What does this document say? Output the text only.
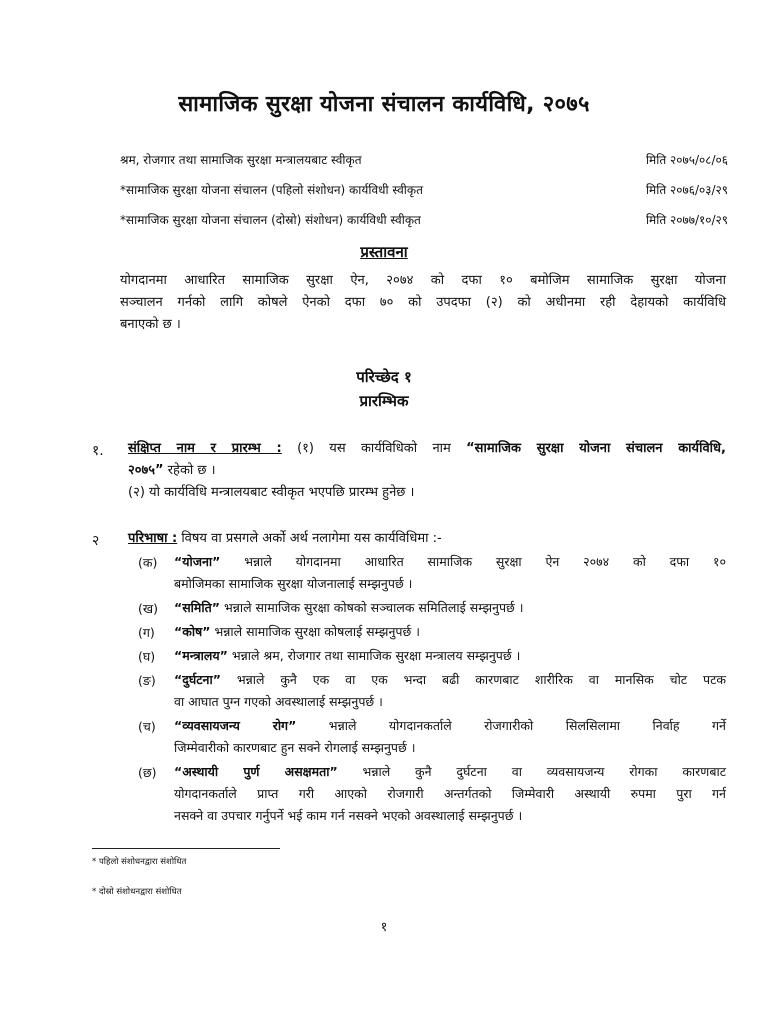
सामाजिक सुरक्षा योजना संचालन कार्यविधि, २०७५
श्रम, रोजगार तथा सामाजिक सुरक्षा मन्त्रालयबाट स्वीकृत	मिति २०७५/०८/०६
*सामाजिक सुरक्षा योजना संचालन (पहिलो संशोधन) कार्यविधी स्वीकृत	मिति २०७६/०३/२९
*सामाजिक सुरक्षा योजना संचालन (दोस्रो) संशोधन) कार्यविधी स्वीकृत	मिति २०७७/१०/२९
प्रस्तावना
योगदानमा आधारित सामाजिक सुरक्षा ऐन, २०७४ को दफा १० बमोजिम सामाजिक सुरक्षा योजना
सञ्चालन गर्नको लागि कोषले ऐनको दफा ७० को उपदफा (२) को अधीनमा रही देहायको कार्यविधि
बनाएको छ ।
परिच्छेद १
प्रारम्भिक
१. संक्षिप्त नाम र प्रारम्भ : (१) यस कार्यविधिको नाम “सामाजिक सुरक्षा योजना संचालन कार्यविधि,
२०७५” रहेको छ ।
(२) यो कार्यविधि मन्त्रालयबाट स्वीकृत भएपछि प्रारम्भ हुनेछ ।
२ परिभाषा : विषय वा प्रसगले अर्को अर्थ नलागेमा यस कार्यविधिमा :-
(क) “योजना” भन्नाले योगदानमा आधारित सामाजिक सुरक्षा ऐन २०७४ को दफा १०
बमोजिमका सामाजिक सुरक्षा योजनालाई सम्झनुपर्छ ।
(ख) “समिति” भन्नाले सामाजिक सुरक्षा कोषको सञ्चालक समितिलाई सम्झनुपर्छ ।
(ग) “कोष” भन्नाले सामाजिक सुरक्षा कोषलाई सम्झनुपर्छ ।
(घ) “मन्त्रालय” भन्नाले श्रम, रोजगार तथा सामाजिक सुरक्षा मन्त्रालय सम्झनुपर्छ ।
(ङ) “दुर्घटना” भन्नाले कुनै एक वा एक भन्दा बढी कारणबाट शारीरिक वा मानसिक चोट पटक
वा आघात पुग्न गएको अवस्थालाई सम्झनुपर्छ ।
(च) “व्यवसायजन्य रोग” भन्नाले योगदानकर्ताले रोजगारीको सिलसिलामा निर्वाह गर्ने
जिम्मेवारीको कारणबाट हुन सक्ने रोगलाई सम्झनुपर्छ ।
(छ) “अस्थायी पुर्ण असक्षमता” भन्नाले कुनै दुर्घटना वा व्यवसायजन्य रोगका कारणबाट
योगदानकर्ताले प्राप्त गरी आएको रोजगारी अन्तर्गतको जिम्मेवारी अस्थायी रुपमा पुरा गर्न
नसक्ने वा उपचार गर्नुपर्ने भई काम गर्न नसक्ने भएको अवस्थालाई सम्झनुपर्छ ।
* पहिलो संशोधनद्वारा संशोधित
* दोस्रो संशोधनद्वारा संशोधित
१
